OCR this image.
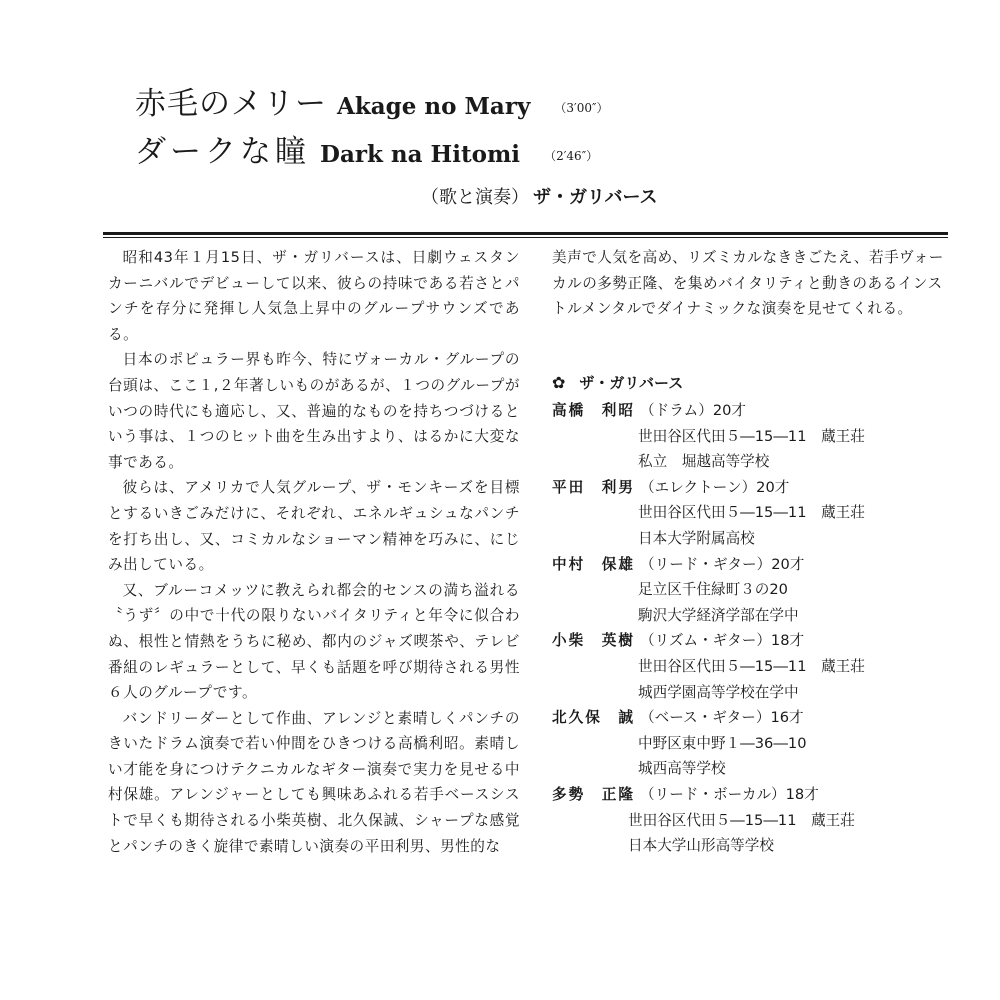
赤毛のメリー Akage no Mary （3′00″）
ダークな瞳 Dark na Hitomi （2′46″）
（歌と演奏） ザ・ガリバース

昭和43年１月15日、ザ・ガリバースは、日劇ウェスタンカーニバルでデビューして以来、彼らの持味である若さとパンチを存分に発揮し人気急上昇中のグループサウンズである。

日本のポピュラー界も昨今、特にヴォーカル・グループの台頭は、ここ１,２年著しいものがあるが、１つのグループがいつの時代にも適応し、又、普遍的なものを持ちつづけるという事は、１つのヒット曲を生み出すより、はるかに大変な事である。

彼らは、アメリカで人気グループ、ザ・モンキーズを目標とするいきごみだけに、それぞれ、エネルギュシュなパンチを打ち出し、又、コミカルなショーマン精神を巧みに、にじみ出している。

又、ブルーコメッツに教えられ都会的センスの満ち溢れる〝うず〞の中で十代の限りないバイタリティと年令に似合わぬ、根性と情熱をうちに秘め、都内のジャズ喫茶や、テレビ番組のレギュラーとして、早くも話題を呼び期待される男性６人のグループです。

バンドリーダーとして作曲、アレンジと素晴しくパンチのきいたドラム演奏で若い仲間をひきつける高橋利昭。素晴しい才能を身につけテクニカルなギター演奏で実力を見せる中村保雄。アレンジャーとしても興味あふれる若手ベースシストで早くも期待される小柴英樹、北久保誠、シャープな感覚とパンチのきく旋律で素晴しい演奏の平田利男、男性的な

美声で人気を高め、リズミカルなききごたえ、若手ヴォーカルの多勢正隆、を集めバイタリティと動きのあるインストルメンタルでダイナミックな演奏を見せてくれる。

✿ ザ・ガリバース
高橋　利昭 （ドラム）20才
世田谷区代田５―15―11　蔵王荘
私立　堀越高等学校
平田　利男 （エレクトーン）20才
世田谷区代田５―15―11　蔵王荘
日本大学附属高校
中村　保雄 （リード・ギター）20才
足立区千住緑町３の20
駒沢大学経済学部在学中
小柴　英樹 （リズム・ギター）18才
世田谷区代田５―15―11　蔵王荘
城西学園高等学校在学中
北久保　誠 （ベース・ギター）16才
中野区東中野１―36―10
城西高等学校
多勢　正隆 （リード・ボーカル）18才
世田谷区代田５―15―11　蔵王荘
日本大学山形高等学校
